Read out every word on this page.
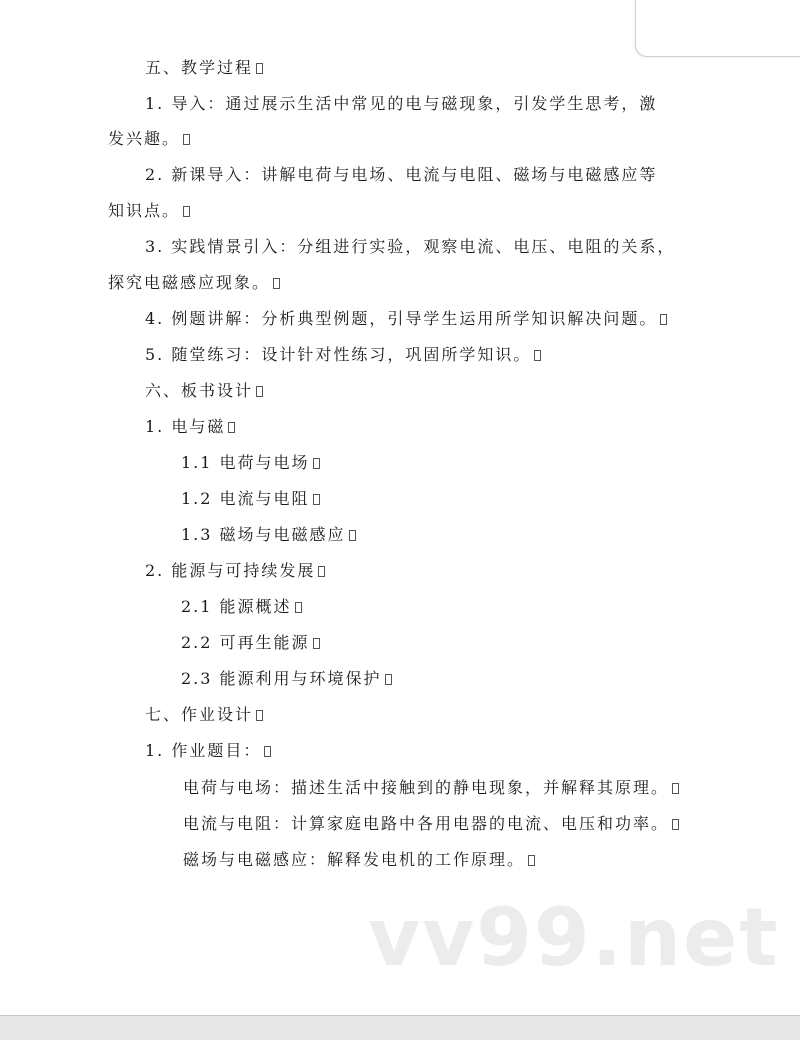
五、教学过程
1. 导入：通过展示生活中常见的电与磁现象，引发学生思考，激
发兴趣。
2. 新课导入：讲解电荷与电场、电流与电阻、磁场与电磁感应等
知识点。
3. 实践情景引入：分组进行实验，观察电流、电压、电阻的关系，
探究电磁感应现象。
4. 例题讲解：分析典型例题，引导学生运用所学知识解决问题。
5. 随堂练习：设计针对性练习，巩固所学知识。
六、板书设计
1. 电与磁
1.1 电荷与电场
1.2 电流与电阻
1.3 磁场与电磁感应
2. 能源与可持续发展
2.1 能源概述
2.2 可再生能源
2.3 能源利用与环境保护
七、作业设计
1. 作业题目：
电荷与电场：描述生活中接触到的静电现象，并解释其原理。
电流与电阻：计算家庭电路中各用电器的电流、电压和功率。
磁场与电磁感应：解释发电机的工作原理。
vv99.net
